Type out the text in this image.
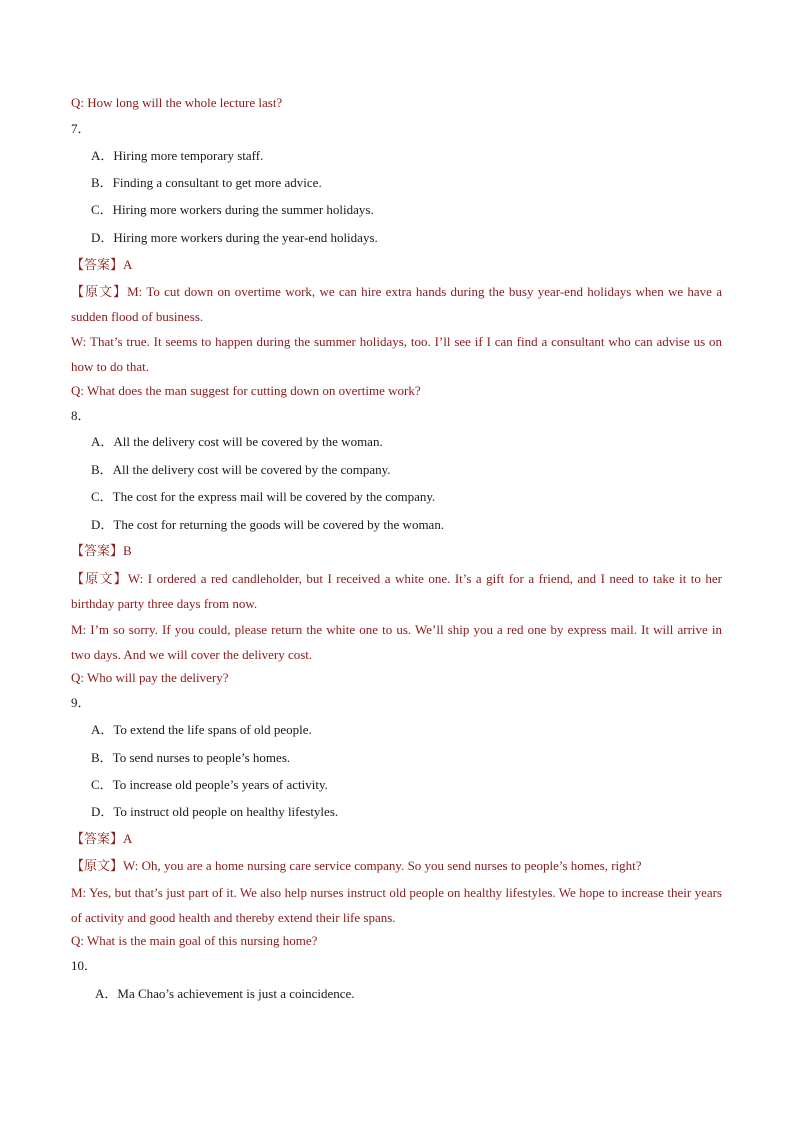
Q: How long will the whole lecture last?
7．
A．Hiring more temporary staff.
B．Finding a consultant to get more advice.
C．Hiring more workers during the summer holidays.
D．Hiring more workers during the year-end holidays.
【答案】A
【原文】M: To cut down on overtime work, we can hire extra hands during the busy year-end holidays when we have a sudden flood of business.
W: That’s true. It seems to happen during the summer holidays, too. I’ll see if I can find a consultant who can advise us on how to do that.
Q: What does the man suggest for cutting down on overtime work?
8．
A．All the delivery cost will be covered by the woman.
B．All the delivery cost will be covered by the company.
C．The cost for the express mail will be covered by the company.
D．The cost for returning the goods will be covered by the woman.
【答案】B
【原文】W: I ordered a red candleholder, but I received a white one. It’s a gift for a friend, and I need to take it to her birthday party three days from now.
M: I’m so sorry. If you could, please return the white one to us. We’ll ship you a red one by express mail. It will arrive in two days. And we will cover the delivery cost.
Q: Who will pay the delivery?
9．
A．To extend the life spans of old people.
B．To send nurses to people’s homes.
C．To increase old people’s years of activity.
D．To instruct old people on healthy lifestyles.
【答案】A
【原文】W: Oh, you are a home nursing care service company. So you send nurses to people’s homes, right?
M: Yes, but that’s just part of it. We also help nurses instruct old people on healthy lifestyles. We hope to increase their years of activity and good health and thereby extend their life spans.
Q: What is the main goal of this nursing home?
10．
A．Ma Chao’s achievement is just a coincidence.
